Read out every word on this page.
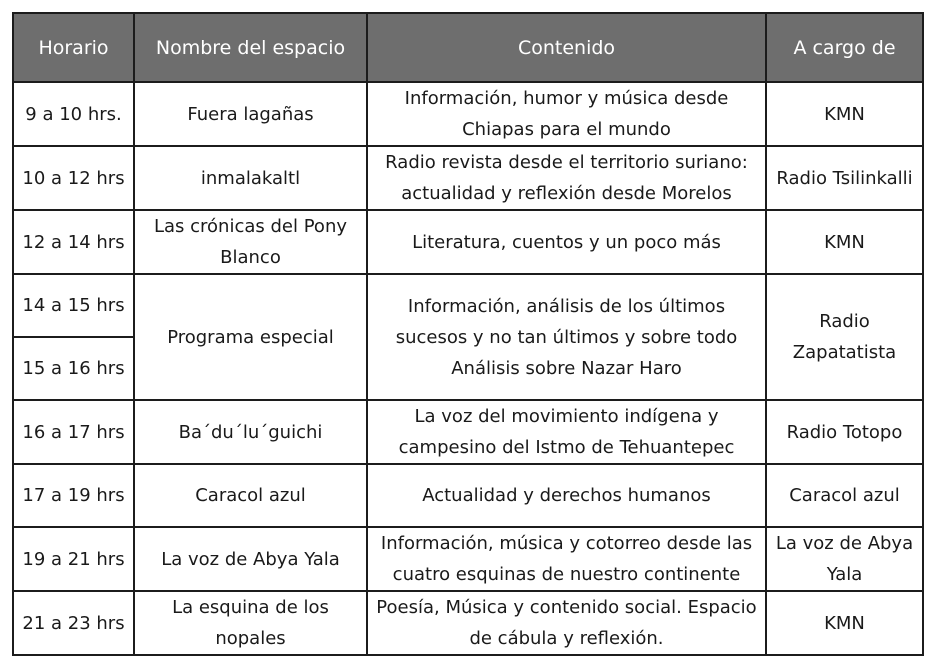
Horario	Nombre del espacio	Contenido	A cargo de
9 a 10 hrs.	Fuera lagañas	Información, humor y música desde Chiapas para el mundo	KMN
10 a 12 hrs	inmalakaltl	Radio revista desde el territorio suriano: actualidad y reflexión desde Morelos	Radio Tsilinkalli
12 a 14 hrs	Las crónicas del Pony Blanco	Literatura, cuentos y un poco más	KMN
14 a 15 hrs	Programa especial	Información, análisis de los últimos sucesos y no tan últimos y sobre todo Análisis sobre Nazar Haro	Radio Zapatatista
15 a 16 hrs			
16 a 17 hrs	Ba´du´lu´guichi	La voz del movimiento indígena y campesino del Istmo de Tehuantepec	Radio Totopo
17 a 19 hrs	Caracol azul	Actualidad y derechos humanos	Caracol azul
19 a 21 hrs	La voz de Abya Yala	Información, música y cotorreo desde las cuatro esquinas de nuestro continente	La voz de Abya Yala
21 a 23 hrs	La esquina de los nopales	Poesía, Música y contenido social. Espacio de cábula y reflexión.	KMN
